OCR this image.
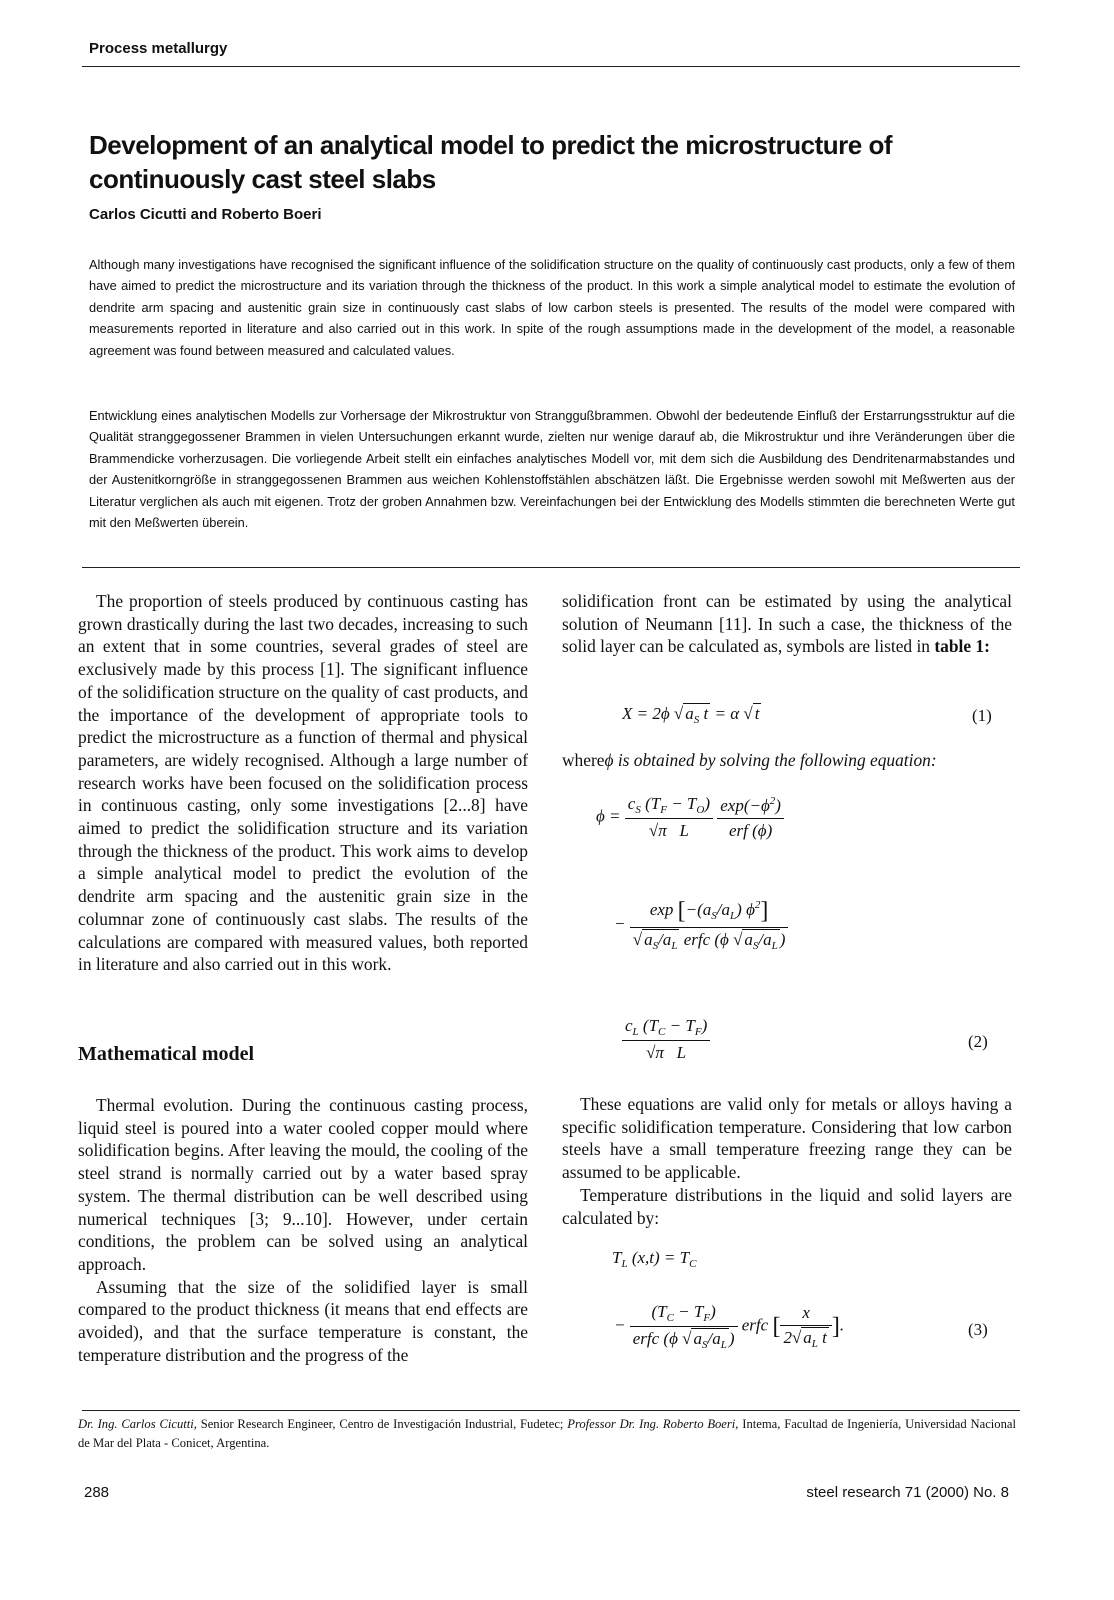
Process metallurgy
Development of an analytical model to predict the microstructure of continuously cast steel slabs
Carlos Cicutti and Roberto Boeri

Although many investigations have recognised the significant influence of the solidification structure on the quality of continuously cast products, only a few of them have aimed to predict the microstructure and its variation through the thickness of the product. In this work a simple analytical model to estimate the evolution of dendrite arm spacing and austenitic grain size in continuously cast slabs of low carbon steels is presented. The results of the model were compared with measurements reported in literature and also carried out in this work. In spite of the rough assumptions made in the development of the model, a reasonable agreement was found between measured and calculated values.

Entwicklung eines analytischen Modells zur Vorhersage der Mikrostruktur von Stranggußbrammen. Obwohl der bedeutende Einfluß der Erstarrungsstruktur auf die Qualität stranggegossener Brammen in vielen Untersuchungen erkannt wurde, zielten nur wenige darauf ab, die Mikrostruktur und ihre Veränderungen über die Brammendicke vorherzusagen. Die vorliegende Arbeit stellt ein einfaches analytisches Modell vor, mit dem sich die Ausbildung des Dendritenarmabstandes und der Austenitkorngröße in stranggegossenen Brammen aus weichen Kohlenstoffstählen abschätzen läßt. Die Ergebnisse werden sowohl mit Meßwerten aus der Literatur verglichen als auch mit eigenen. Trotz der groben Annahmen bzw. Vereinfachungen bei der Entwicklung des Modells stimmten die berechneten Werte gut mit den Meßwerten überein.

The proportion of steels produced by continuous casting has grown drastically during the last two decades, increasing to such an extent that in some countries, several grades of steel are exclusively made by this process [1]. The significant influence of the solidification structure on the quality of cast products, and the importance of the development of appropriate tools to predict the microstructure as a function of thermal and physical parameters, are widely recognised. Although a large number of research works have been focused on the solidification process in continuous casting, only some investigations [2...8] have aimed to predict the solidification structure and its variation through the thickness of the product. This work aims to develop a simple analytical model to predict the evolution of the dendrite arm spacing and the austenitic grain size in the columnar zone of continuously cast slabs. The results of the calculations are compared with measured values, both reported in literature and also carried out in this work.

Mathematical model

Thermal evolution. During the continuous casting process, liquid steel is poured into a water cooled copper mould where solidification begins. After leaving the mould, the cooling of the steel strand is normally carried out by a water based spray system. The thermal distribution can be well described using numerical techniques [3; 9...10]. However, under certain conditions, the problem can be solved using an analytical approach.

Assuming that the size of the solidified layer is small compared to the product thickness (it means that end effects are avoided), and that the surface temperature is constant, the temperature distribution and the progress of the

solidification front can be estimated by using the analytical solution of Neumann [11]. In such a case, the thickness of the solid layer can be calculated as, symbols are listed in table 1:

X = 2ϕ √ $a_S$ t = α √ t	(1)
whereϕ is obtained by solving the following equation:
$\phi = \frac{c_S (T_F - T_O)}{\text{√π   L}}$
$\frac{\exp(-\phi^2)}{\text{erf (ϕ)}}$
− $\frac{\exp [-(a_S/a_L) \phi^2]}{√ a_S/a_L erfc (\phi √ a_S/a_L )}$
$\frac{c_L (T_C - T_F)}{\text{√π   L}}$	(2)

These equations are valid only for metals or alloys having a specific solidification temperature. Considering that low carbon steels have a small temperature freezing range they can be assumed to be applicable.

Temperature distributions in the liquid and solid layers are calculated by:

$T_L$ $(x,t) = T_C$
− $\frac{(T_C - T_F)}{erfc (\phi √ a_S/a_L )}$ erfc [ $\frac{x}{2√ a_L t}$ ].	(3)

Dr. Ing. Carlos Cicutti, Senior Research Engineer, Centro de Investigación Industrial, Fudetec; Professor Dr. Ing. Roberto Boeri, Intema, Facultad de Ingeniería, Universidad Nacional de Mar del Plata - Conicet, Argentina.

288	steel research 71 (2000) No. 8
